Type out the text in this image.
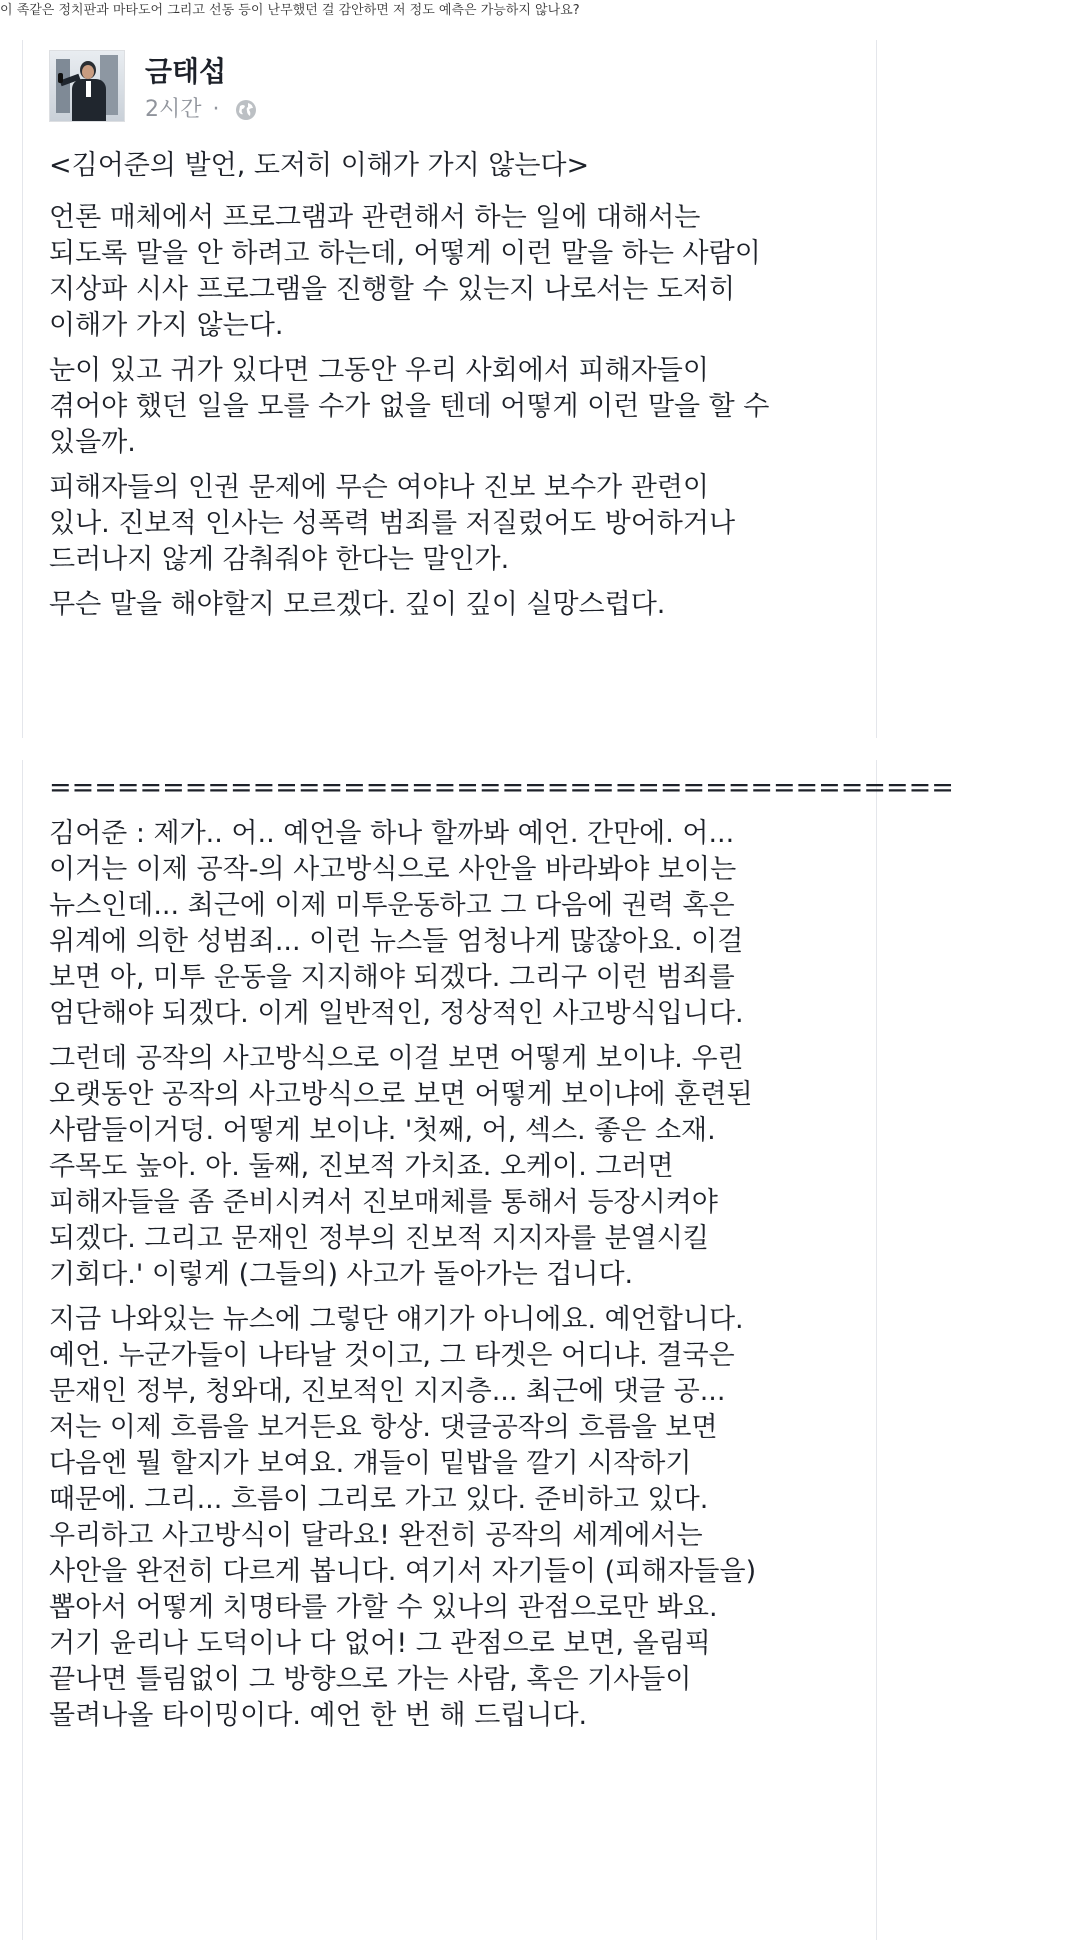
이 족같은 정치판과 마타도어 그리고 선동 등이 난무했던 걸 감안하면 저 정도 예측은 가능하지 않나요?
금태섭
2시간 ·

<김어준의 발언, 도저히 이해가 가지 않는다>

언론 매체에서 프로그램과 관련해서 하는 일에 대해서는
되도록 말을 안 하려고 하는데, 어떻게 이런 말을 하는 사람이
지상파 시사 프로그램을 진행할 수 있는지 나로서는 도저히
이해가 가지 않는다.

눈이 있고 귀가 있다면 그동안 우리 사회에서 피해자들이
겪어야 했던 일을 모를 수가 없을 텐데 어떻게 이런 말을 할 수
있을까.

피해자들의 인권 문제에 무슨 여야나 진보 보수가 관련이
있나. 진보적 인사는 성폭력 범죄를 저질렀어도 방어하거나
드러나지 않게 감춰줘야 한다는 말인가.

무슨 말을 해야할지 모르겠다. 깊이 깊이 실망스럽다.

========================================

김어준 : 제가.. 어.. 예언을 하나 할까봐 예언. 간만에. 어...
이거는 이제 공작-의 사고방식으로 사안을 바라봐야 보이는
뉴스인데... 최근에 이제 미투운동하고 그 다음에 권력 혹은
위계에 의한 성범죄... 이런 뉴스들 엄청나게 많잖아요. 이걸
보면 아, 미투 운동을 지지해야 되겠다. 그리구 이런 범죄를
엄단해야 되겠다. 이게 일반적인, 정상적인 사고방식입니다.

그런데 공작의 사고방식으로 이걸 보면 어떻게 보이냐. 우린
오랫동안 공작의 사고방식으로 보면 어떻게 보이냐에 훈련된
사람들이거덩. 어떻게 보이냐. '첫째, 어, 섹스. 좋은 소재.
주목도 높아. 아. 둘째, 진보적 가치죠. 오케이. 그러면
피해자들을 좀 준비시켜서 진보매체를 통해서 등장시켜야
되겠다. 그리고 문재인 정부의 진보적 지지자를 분열시킬
기회다.' 이렇게 (그들의) 사고가 돌아가는 겁니다.

지금 나와있는 뉴스에 그렇단 얘기가 아니에요. 예언합니다.
예언. 누군가들이 나타날 것이고, 그 타겟은 어디냐. 결국은
문재인 정부, 청와대, 진보적인 지지층... 최근에 댓글 공...
저는 이제 흐름을 보거든요 항상. 댓글공작의 흐름을 보면
다음엔 뭘 할지가 보여요. 걔들이 밑밥을 깔기 시작하기
때문에. 그리... 흐름이 그리로 가고 있다. 준비하고 있다.
우리하고 사고방식이 달라요! 완전히 공작의 세계에서는
사안을 완전히 다르게 봅니다. 여기서 자기들이 (피해자들을)
뽑아서 어떻게 치명타를 가할 수 있나의 관점으로만 봐요.
거기 윤리나 도덕이나 다 없어! 그 관점으로 보면, 올림픽
끝나면 틀림없이 그 방향으로 가는 사람, 혹은 기사들이
몰려나올 타이밍이다. 예언 한 번 해 드립니다.
